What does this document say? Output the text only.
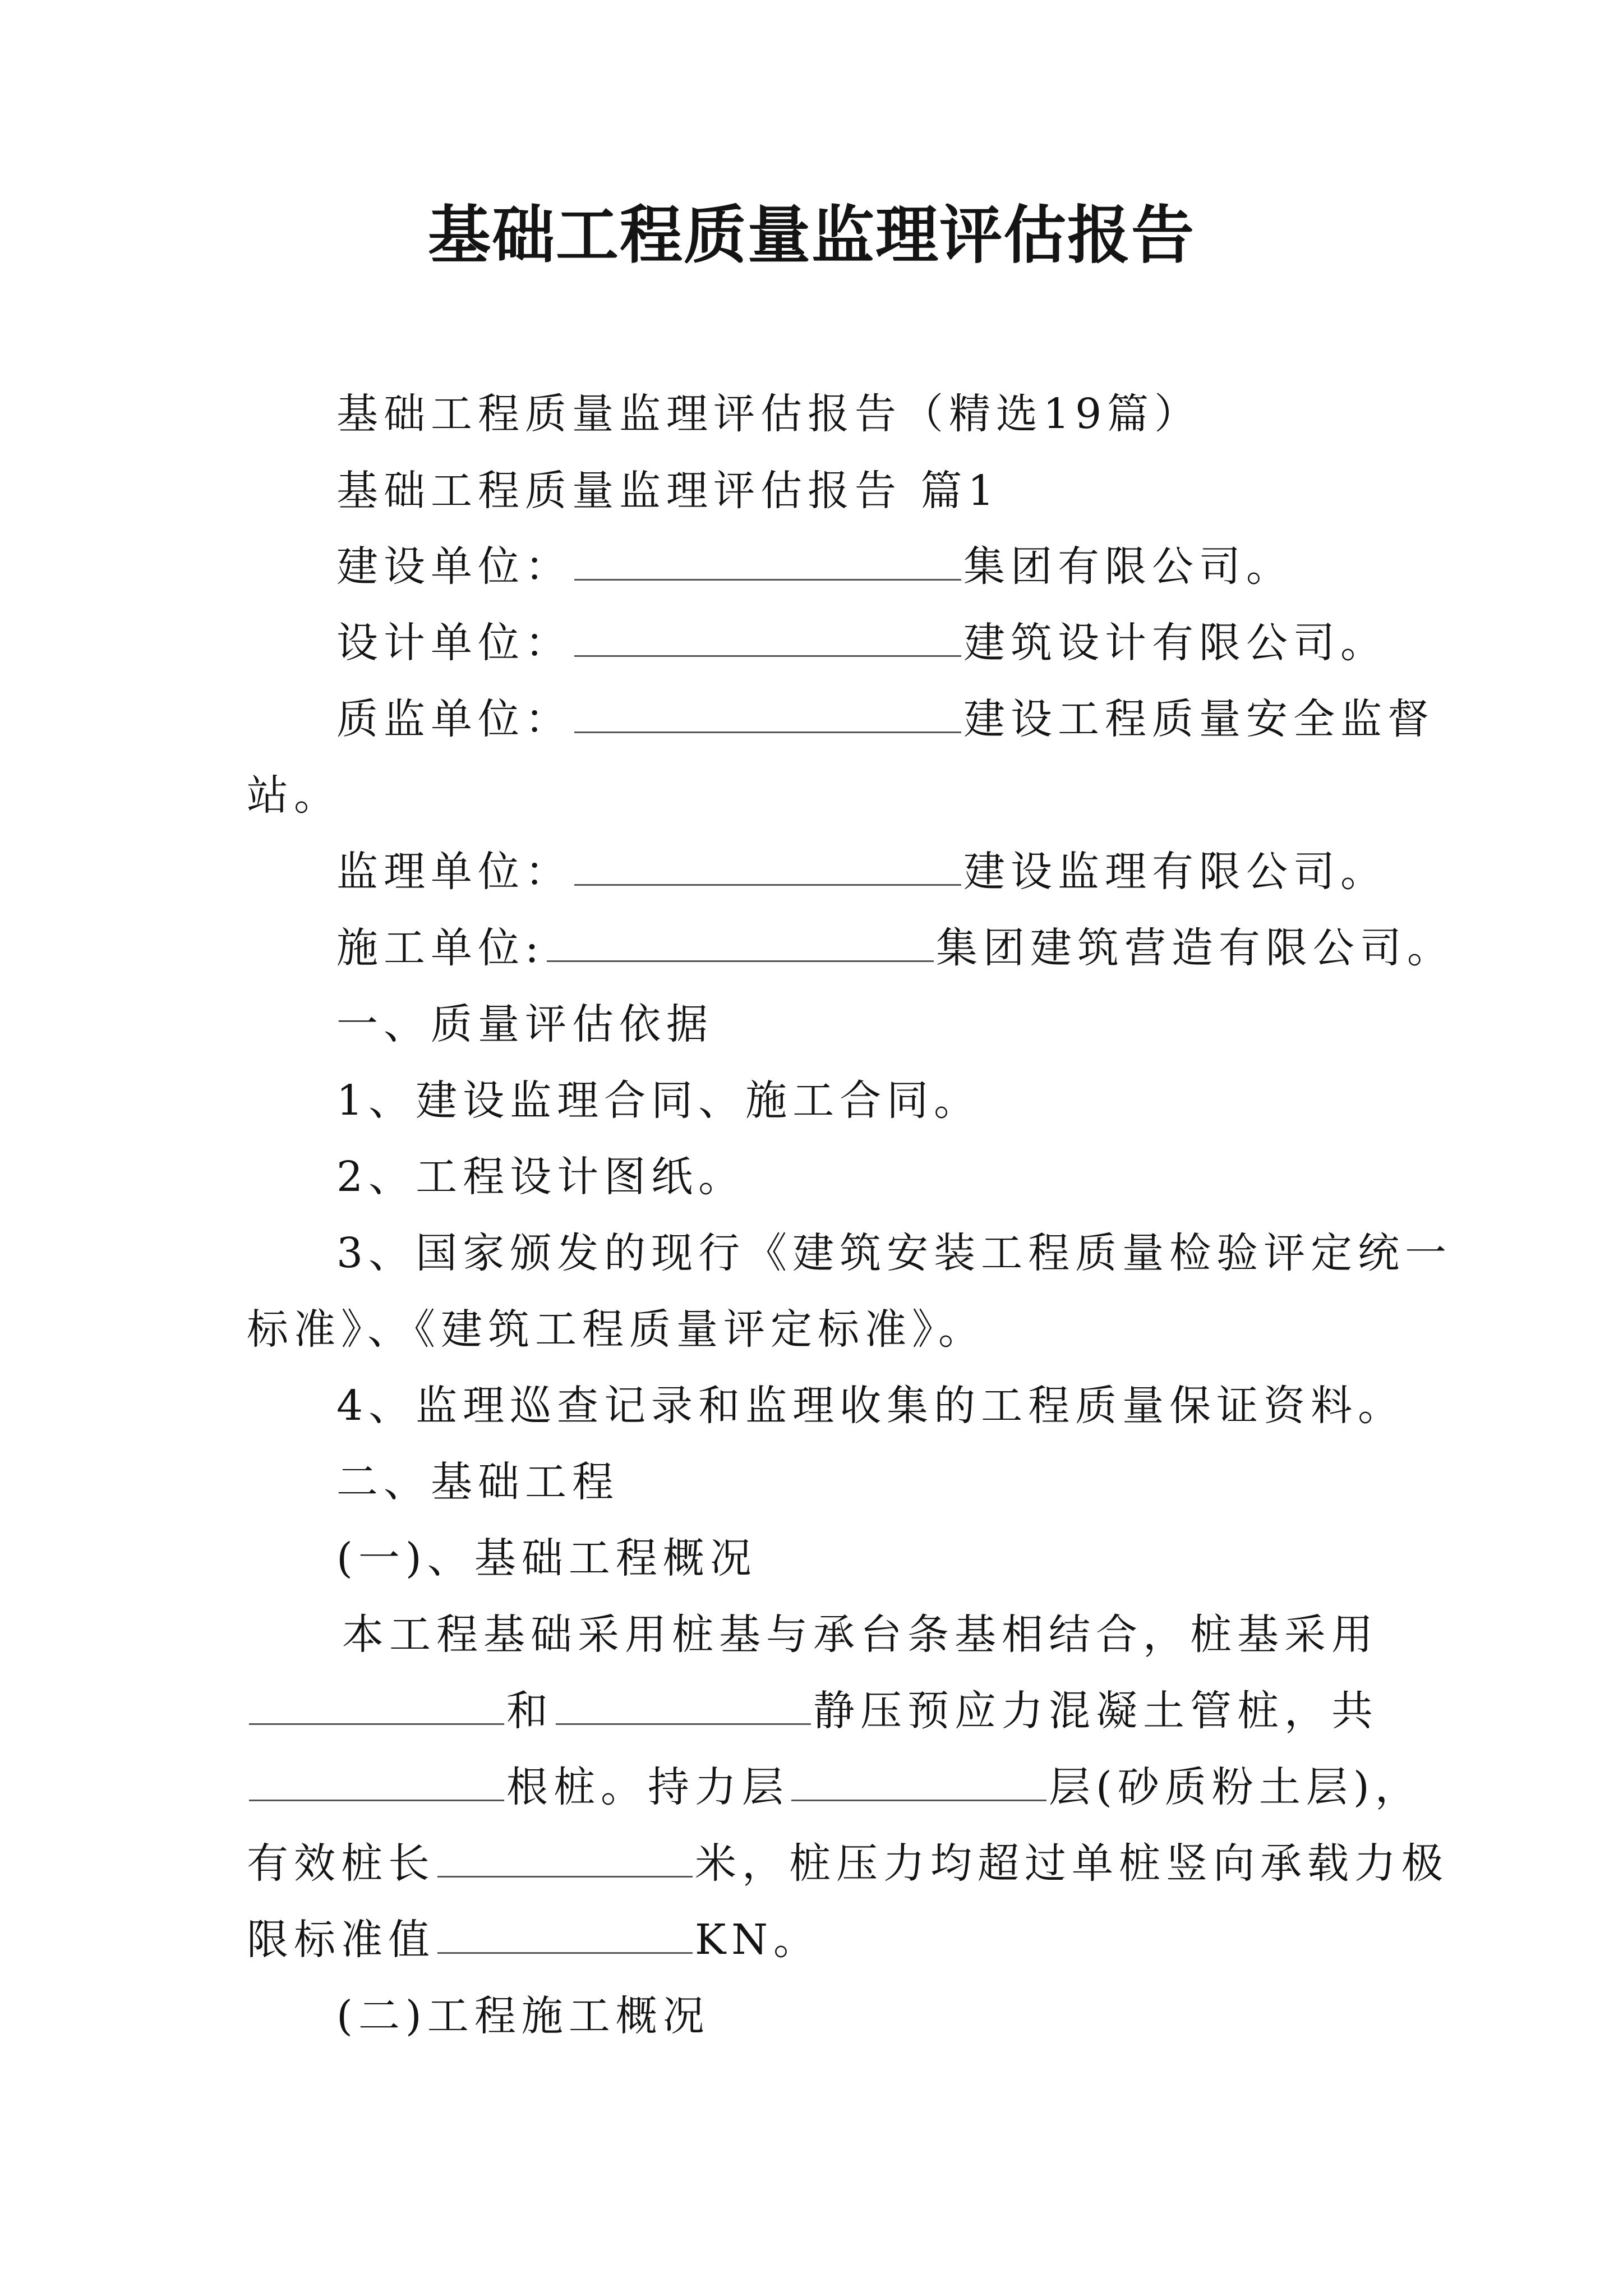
基础工程质量监理评估报告
基础工程质量监理评估报告（精选19篇）
基础工程质量监理评估报告 篇1
建设单位：	集团有限公司。
设计单位：	建筑设计有限公司。
质监单位：	建设工程质量安全监督
站。
监理单位：	建设监理有限公司。
施工单位:	集团建筑营造有限公司。
一、质量评估依据
1、建设监理合同、施工合同。
2、工程设计图纸。
3、国家颁发的现行《建筑安装工程质量检验评定统一
标准》、《建筑工程质量评定标准》。
4、监理巡查记录和监理收集的工程质量保证资料。
二、基础工程
(一)、基础工程概况
本工程基础采用桩基与承台条基相结合，桩基采用
和	静压预应力混凝土管桩，共
根桩。持力层	层(砂质粉土层)，
有效桩长	米，桩压力均超过单桩竖向承载力极
限标准值	KN。
(二)工程施工概况
